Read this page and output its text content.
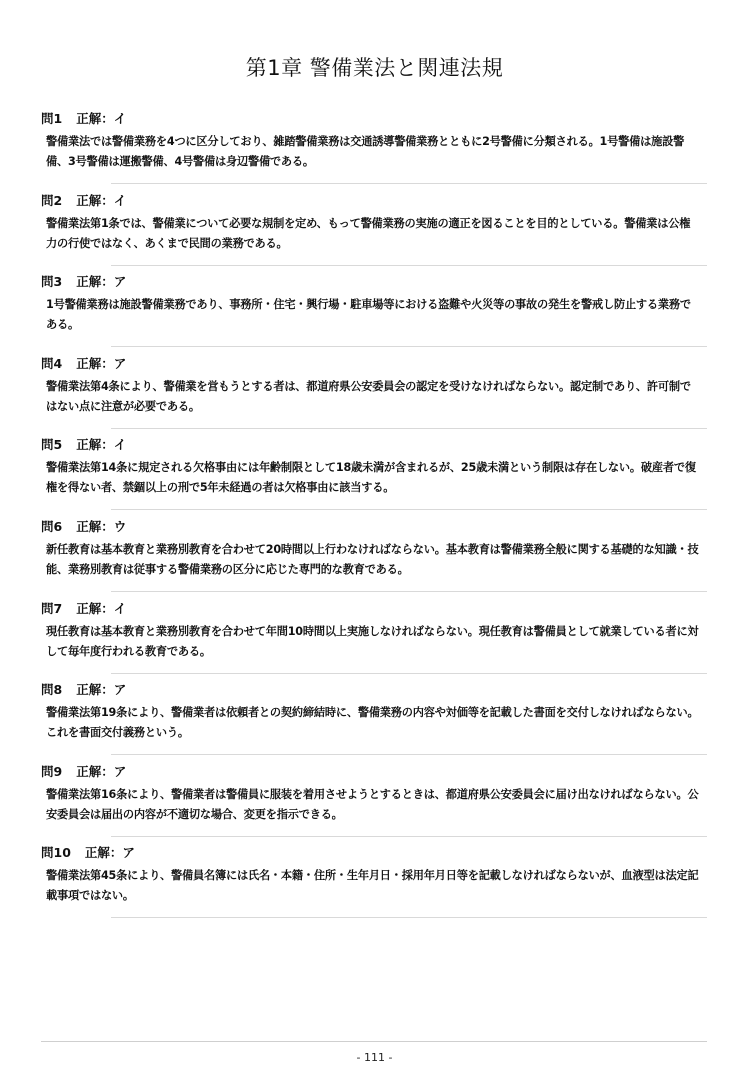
第1章 警備業法と関連法規
問1 正解：イ
警備業法では警備業務を4つに区分しており、雑踏警備業務は交通誘導警備業務とともに2号警備に分類される。1号警備は施設警備、3号警備は運搬警備、4号警備は身辺警備である。
問2 正解：イ
警備業法第1条では、警備業について必要な規制を定め、もって警備業務の実施の適正を図ることを目的としている。警備業は公権力の行使ではなく、あくまで民間の業務である。
問3 正解：ア
1号警備業務は施設警備業務であり、事務所・住宅・興行場・駐車場等における盗難や火災等の事故の発生を警戒し防止する業務である。
問4 正解：ア
警備業法第4条により、警備業を営もうとする者は、都道府県公安委員会の認定を受けなければならない。認定制であり、許可制ではない点に注意が必要である。
問5 正解：イ
警備業法第14条に規定される欠格事由には年齢制限として18歳未満が含まれるが、25歳未満という制限は存在しない。破産者で復権を得ない者、禁錮以上の刑で5年未経過の者は欠格事由に該当する。
問6 正解：ウ
新任教育は基本教育と業務別教育を合わせて20時間以上行わなければならない。基本教育は警備業務全般に関する基礎的な知識・技能、業務別教育は従事する警備業務の区分に応じた専門的な教育である。
問7 正解：イ
現任教育は基本教育と業務別教育を合わせて年間10時間以上実施しなければならない。現任教育は警備員として就業している者に対して毎年度行われる教育である。
問8 正解：ア
警備業法第19条により、警備業者は依頼者との契約締結時に、警備業務の内容や対価等を記載した書面を交付しなければならない。これを書面交付義務という。
問9 正解：ア
警備業法第16条により、警備業者は警備員に服装を着用させようとするときは、都道府県公安委員会に届け出なければならない。公安委員会は届出の内容が不適切な場合、変更を指示できる。
問10 正解：ア
警備業法第45条により、警備員名簿には氏名・本籍・住所・生年月日・採用年月日等を記載しなければならないが、血液型は法定記載事項ではない。
- 111 -
